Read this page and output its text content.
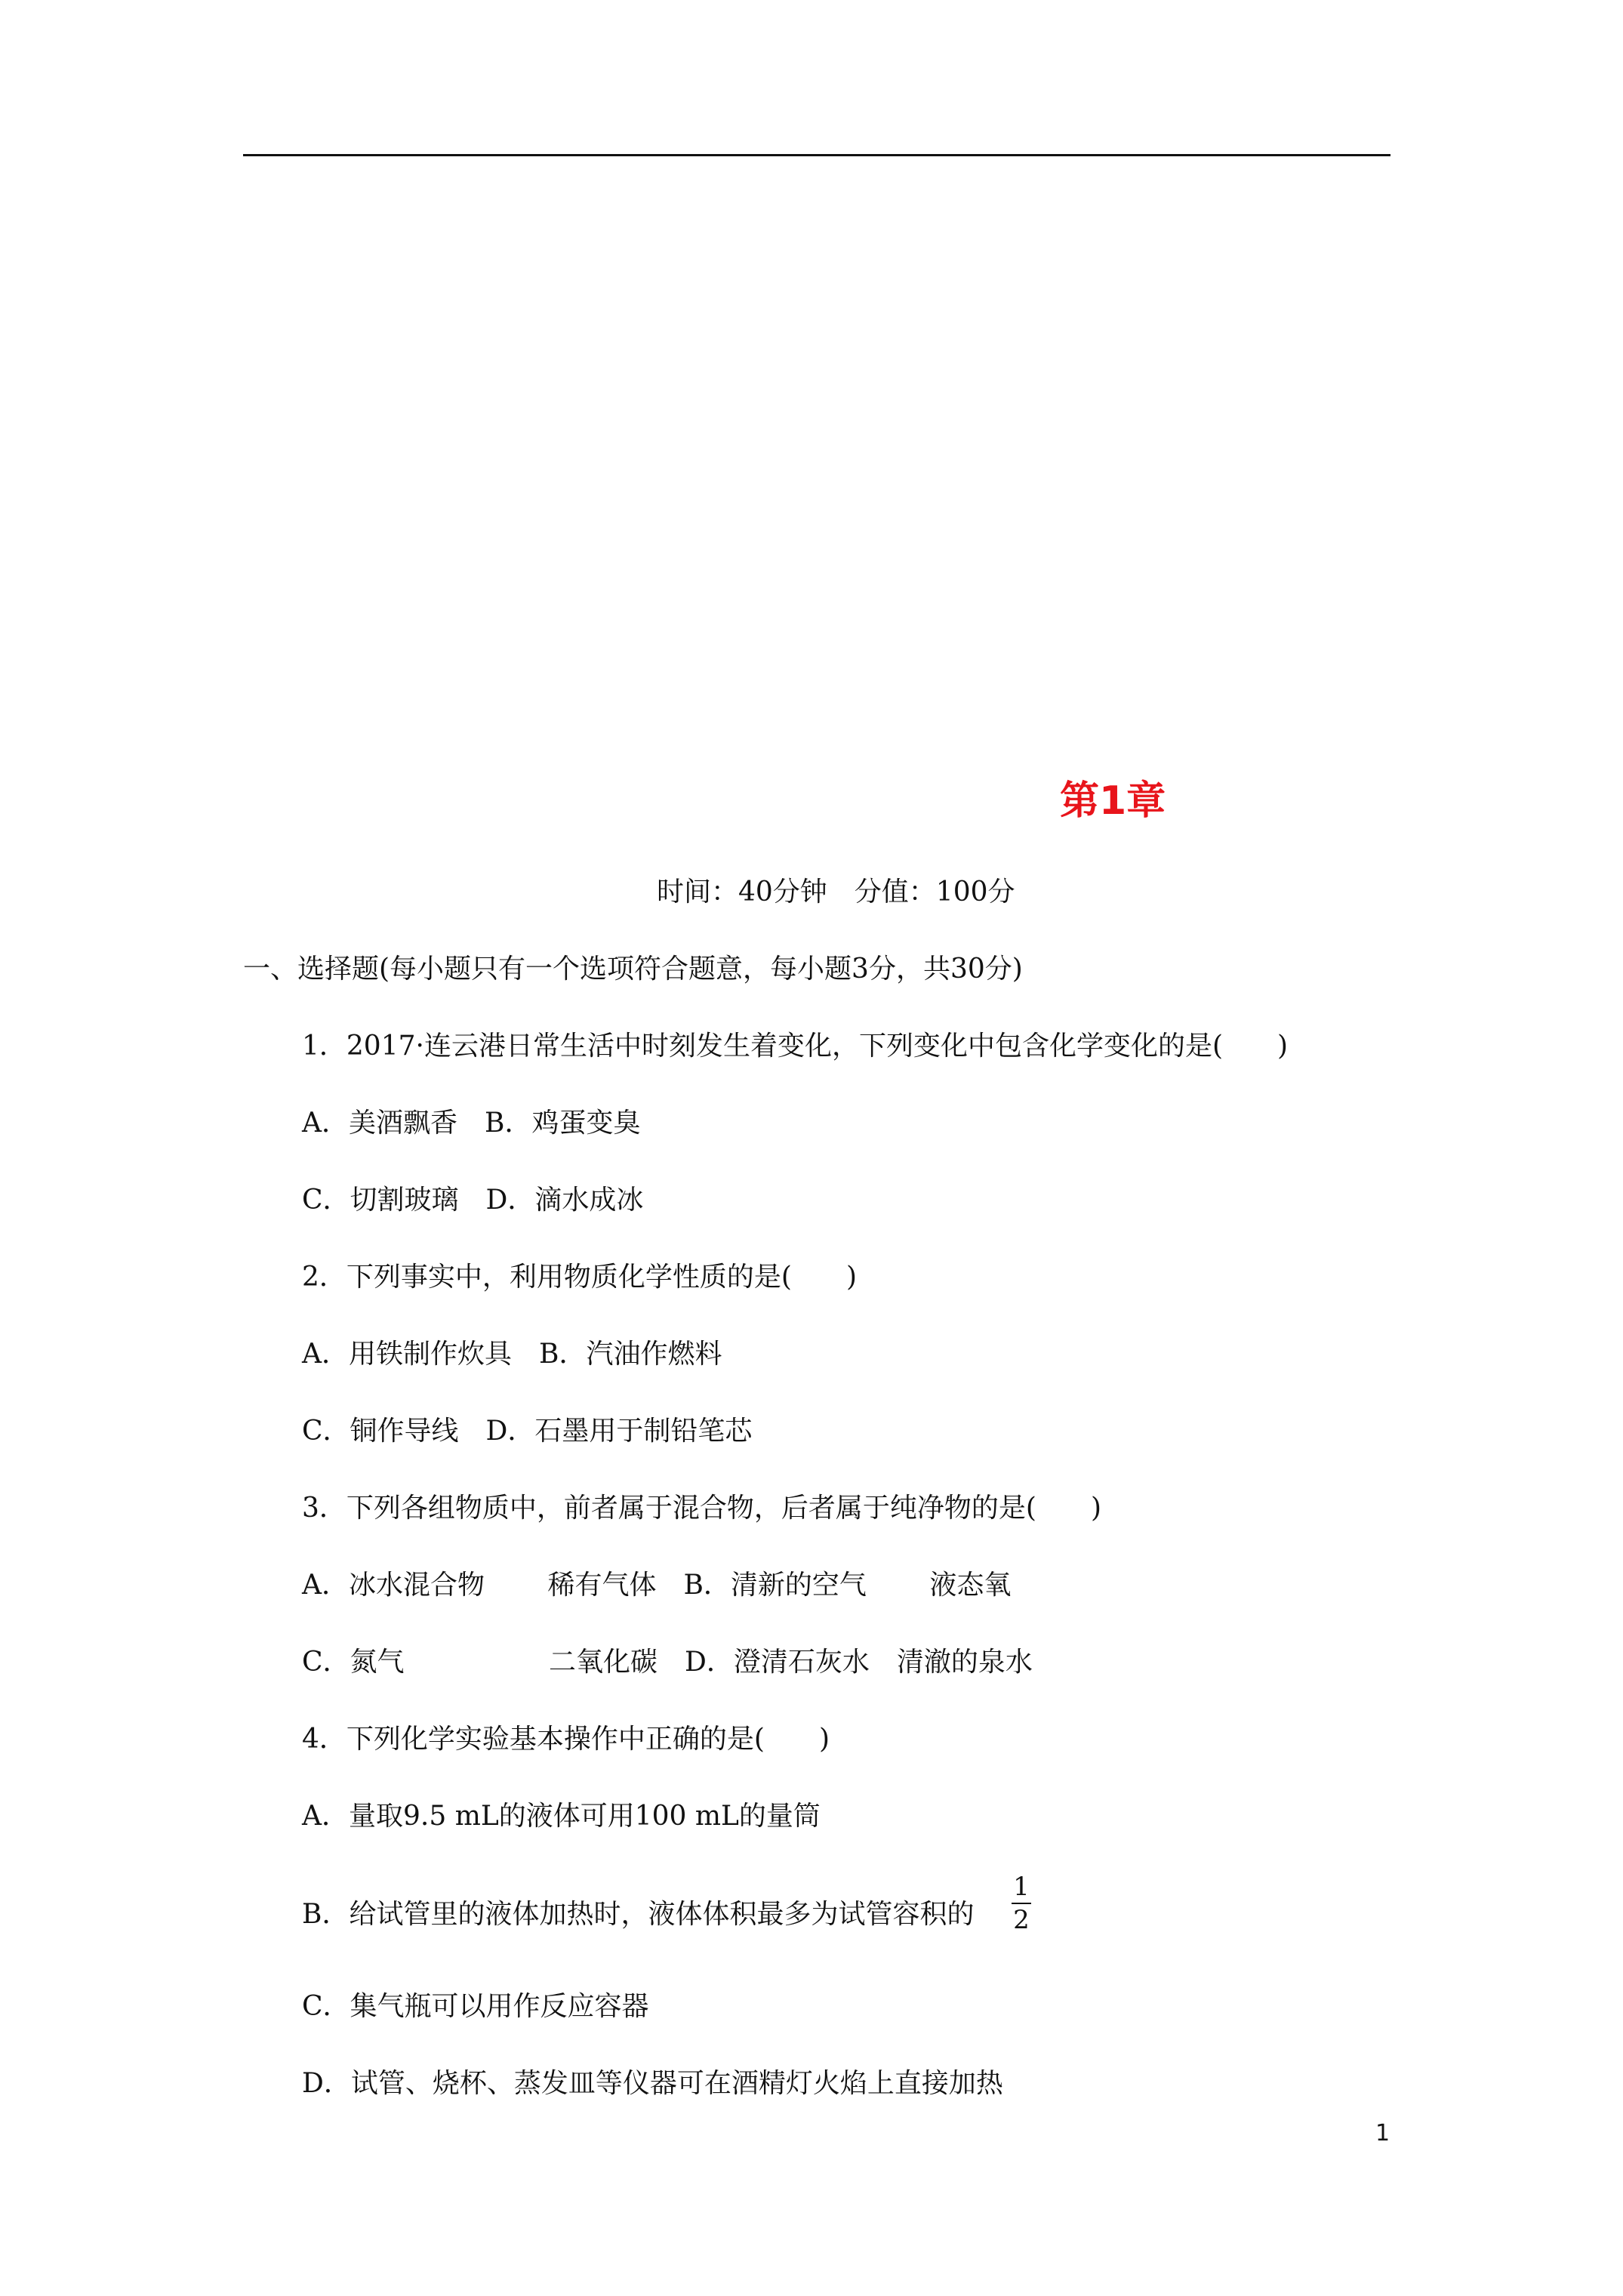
第1章
时间：40分钟　分值：100分
一、选择题(每小题只有一个选项符合题意，每小题3分，共30分)
1．2017·连云港日常生活中时刻发生着变化，下列变化中包含化学变化的是(　　)
A．美酒飘香　B．鸡蛋变臭
C．切割玻璃　D．滴水成冰
2．下列事实中，利用物质化学性质的是(　　)
A．用铁制作炊具　B．汽油作燃料
C．铜作导线　D．石墨用于制铅笔芯
3．下列各组物质中，前者属于混合物，后者属于纯净物的是(　　)
A．冰水混合物　　 稀有气体　B．清新的空气　　 液态氧
C．氮气　　　　　 二氧化碳　D．澄清石灰水　清澈的泉水
4．下列化学实验基本操作中正确的是(　　)
A．量取9.5 mL的液体可用100 mL的量筒
B．给试管里的液体加热时，液体体积最多为试管容积的
1
2
C．集气瓶可以用作反应容器
D．试管、烧杯、蒸发皿等仪器可在酒精灯火焰上直接加热
1
